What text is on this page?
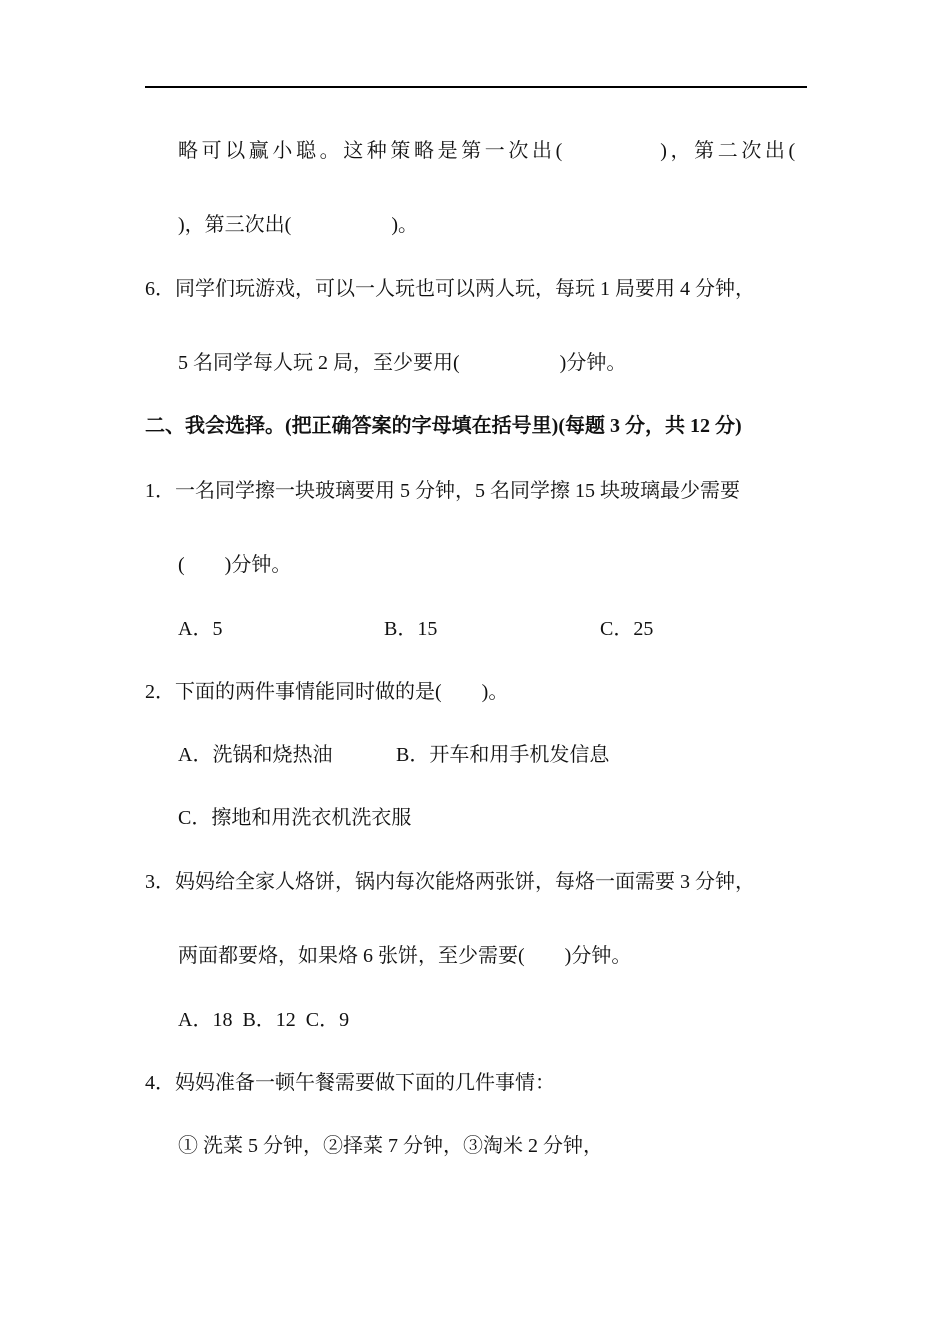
略可以赢小聪。这种策略是第一次出(　　　　)，第二次出(
)，第三次出(　　　　　)。
6．同学们玩游戏，可以一人玩也可以两人玩，每玩 1 局要用 4 分钟，
5 名同学每人玩 2 局，至少要用(　　　　　)分钟。
二、我会选择。(把正确答案的字母填在括号里)(每题 3 分，共 12 分)
1．一名同学擦一块玻璃要用 5 分钟，5 名同学擦 15 块玻璃最少需要
(　　)分钟。
A．5	B．15	C．25
2．下面的两件事情能同时做的是(　　)。
A．洗锅和烧热油	B．开车和用手机发信息
C．擦地和用洗衣机洗衣服
3．妈妈给全家人烙饼，锅内每次能烙两张饼，每烙一面需要 3 分钟，
两面都要烙，如果烙 6 张饼，至少需要(　　)分钟。
A．18  B．12  C．9
4．妈妈准备一顿午餐需要做下面的几件事情：
① 洗菜 5 分钟，②择菜 7 分钟，③淘米 2 分钟，
